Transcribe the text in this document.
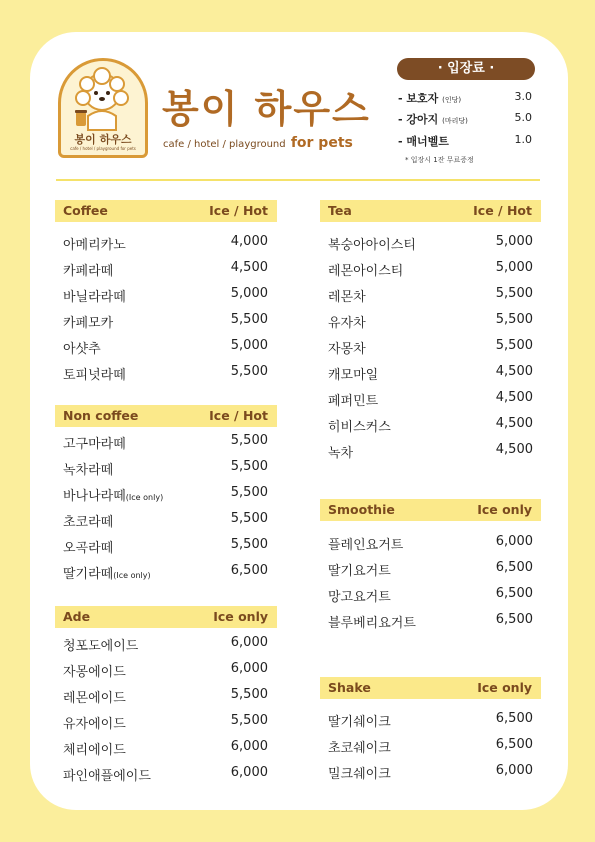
봉이 하우스
cafe / hotel / playground for pets
봉이 하우스
cafe / hotel / playground for pets
· 입장료 ·
- 보호자 (인당)	3.0
- 강아지 (마리당)	5.0
- 매너벨트	1.0
* 입장시 1잔 무료증정
Coffee	Ice / Hot
아메리카노	4,000
카페라떼	4,500
바닐라라떼	5,000
카페모카	5,500
아샷추	5,000
토피넛라떼	5,500
Non coffee	Ice / Hot
고구마라떼	5,500
녹차라떼	5,500
바나나라떼(Ice only)	5,500
초코라떼	5,500
오곡라떼	5,500
딸기라떼(Ice only)	6,500
Ade	Ice only
청포도에이드	6,000
자몽에이드	6,000
레몬에이드	5,500
유자에이드	5,500
체리에이드	6,000
파인애플에이드	6,000
Tea	Ice / Hot
복숭아아이스티	5,000
레몬아이스티	5,000
레몬차	5,500
유자차	5,500
자몽차	5,500
캐모마일	4,500
페퍼민트	4,500
히비스커스	4,500
녹차	4,500
Smoothie	Ice only
플레인요거트	6,000
딸기요거트	6,500
망고요거트	6,500
블루베리요거트	6,500
Shake	Ice only
딸기쉐이크	6,500
초코쉐이크	6,500
밀크쉐이크	6,000
